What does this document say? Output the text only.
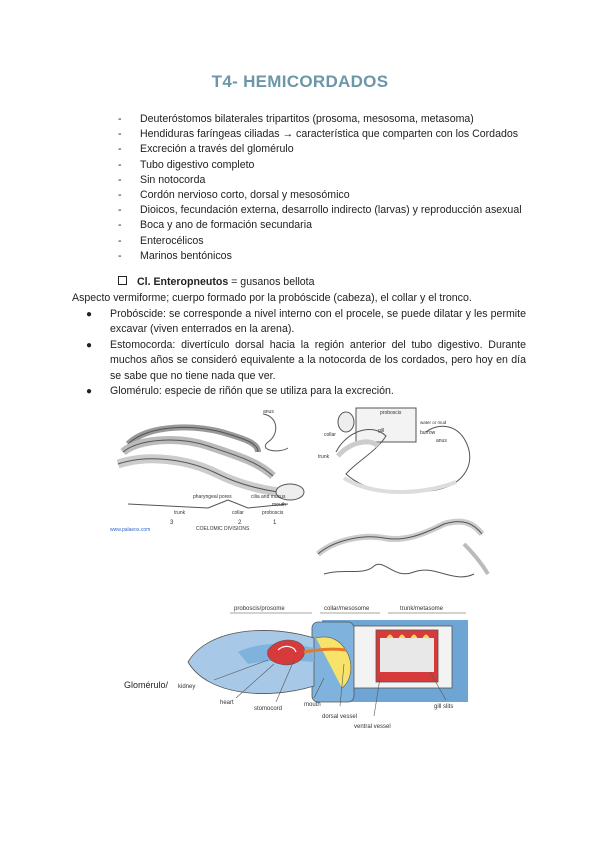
T4- HEMICORDADOS
- Deuteróstomos bilaterales tripartitos (prosoma, mesosoma, metasoma)
- Hendiduras faríngeas ciliadas → característica que comparten con los Cordados
- Excreción a través del glomérulo
- Tubo digestivo completo
- Sin notocorda
- Cordón nervioso corto, dorsal y mesosómico
- Dioicos, fecundación externa, desarrollo indirecto (larvas) y reproducción asexual
- Boca y ano de formación secundaria
- Enterocélicos
- Marinos bentónicos
Cl. Enteropneutos = gusanos bellota
Aspecto vermiforme; cuerpo formado por la probóscide (cabeza), el collar y el tronco.
● Probóscide: se corresponde a nivel interno con el procele, se puede dilatar y les permite excavar (viven enterrados en la arena).
● Estomocorda: divertículo dorsal hacia la región anterior del tubo digestivo. Durante muchos años se consideró equivalente a la notocorda de los cordados, pero hoy en día se sabe que no tiene nada que ver.
● Glomérulo: especie de riñón que se utiliza para la excreción.
anus
pharyngeal pores	cilia and mucus
mouth
trunk	collar	proboscis
3	2	1
COELOMIC DIVISIONS
www.palaeos.com
proboscis
collar
water or mud
gill
trunk
burrow
anus
proboscis/prosome	collar/mesosome	trunk/metasome
Glomérulo/ kidney
heart
stomocord
mouth
dorsal vessel
ventral vessel
gill slits
